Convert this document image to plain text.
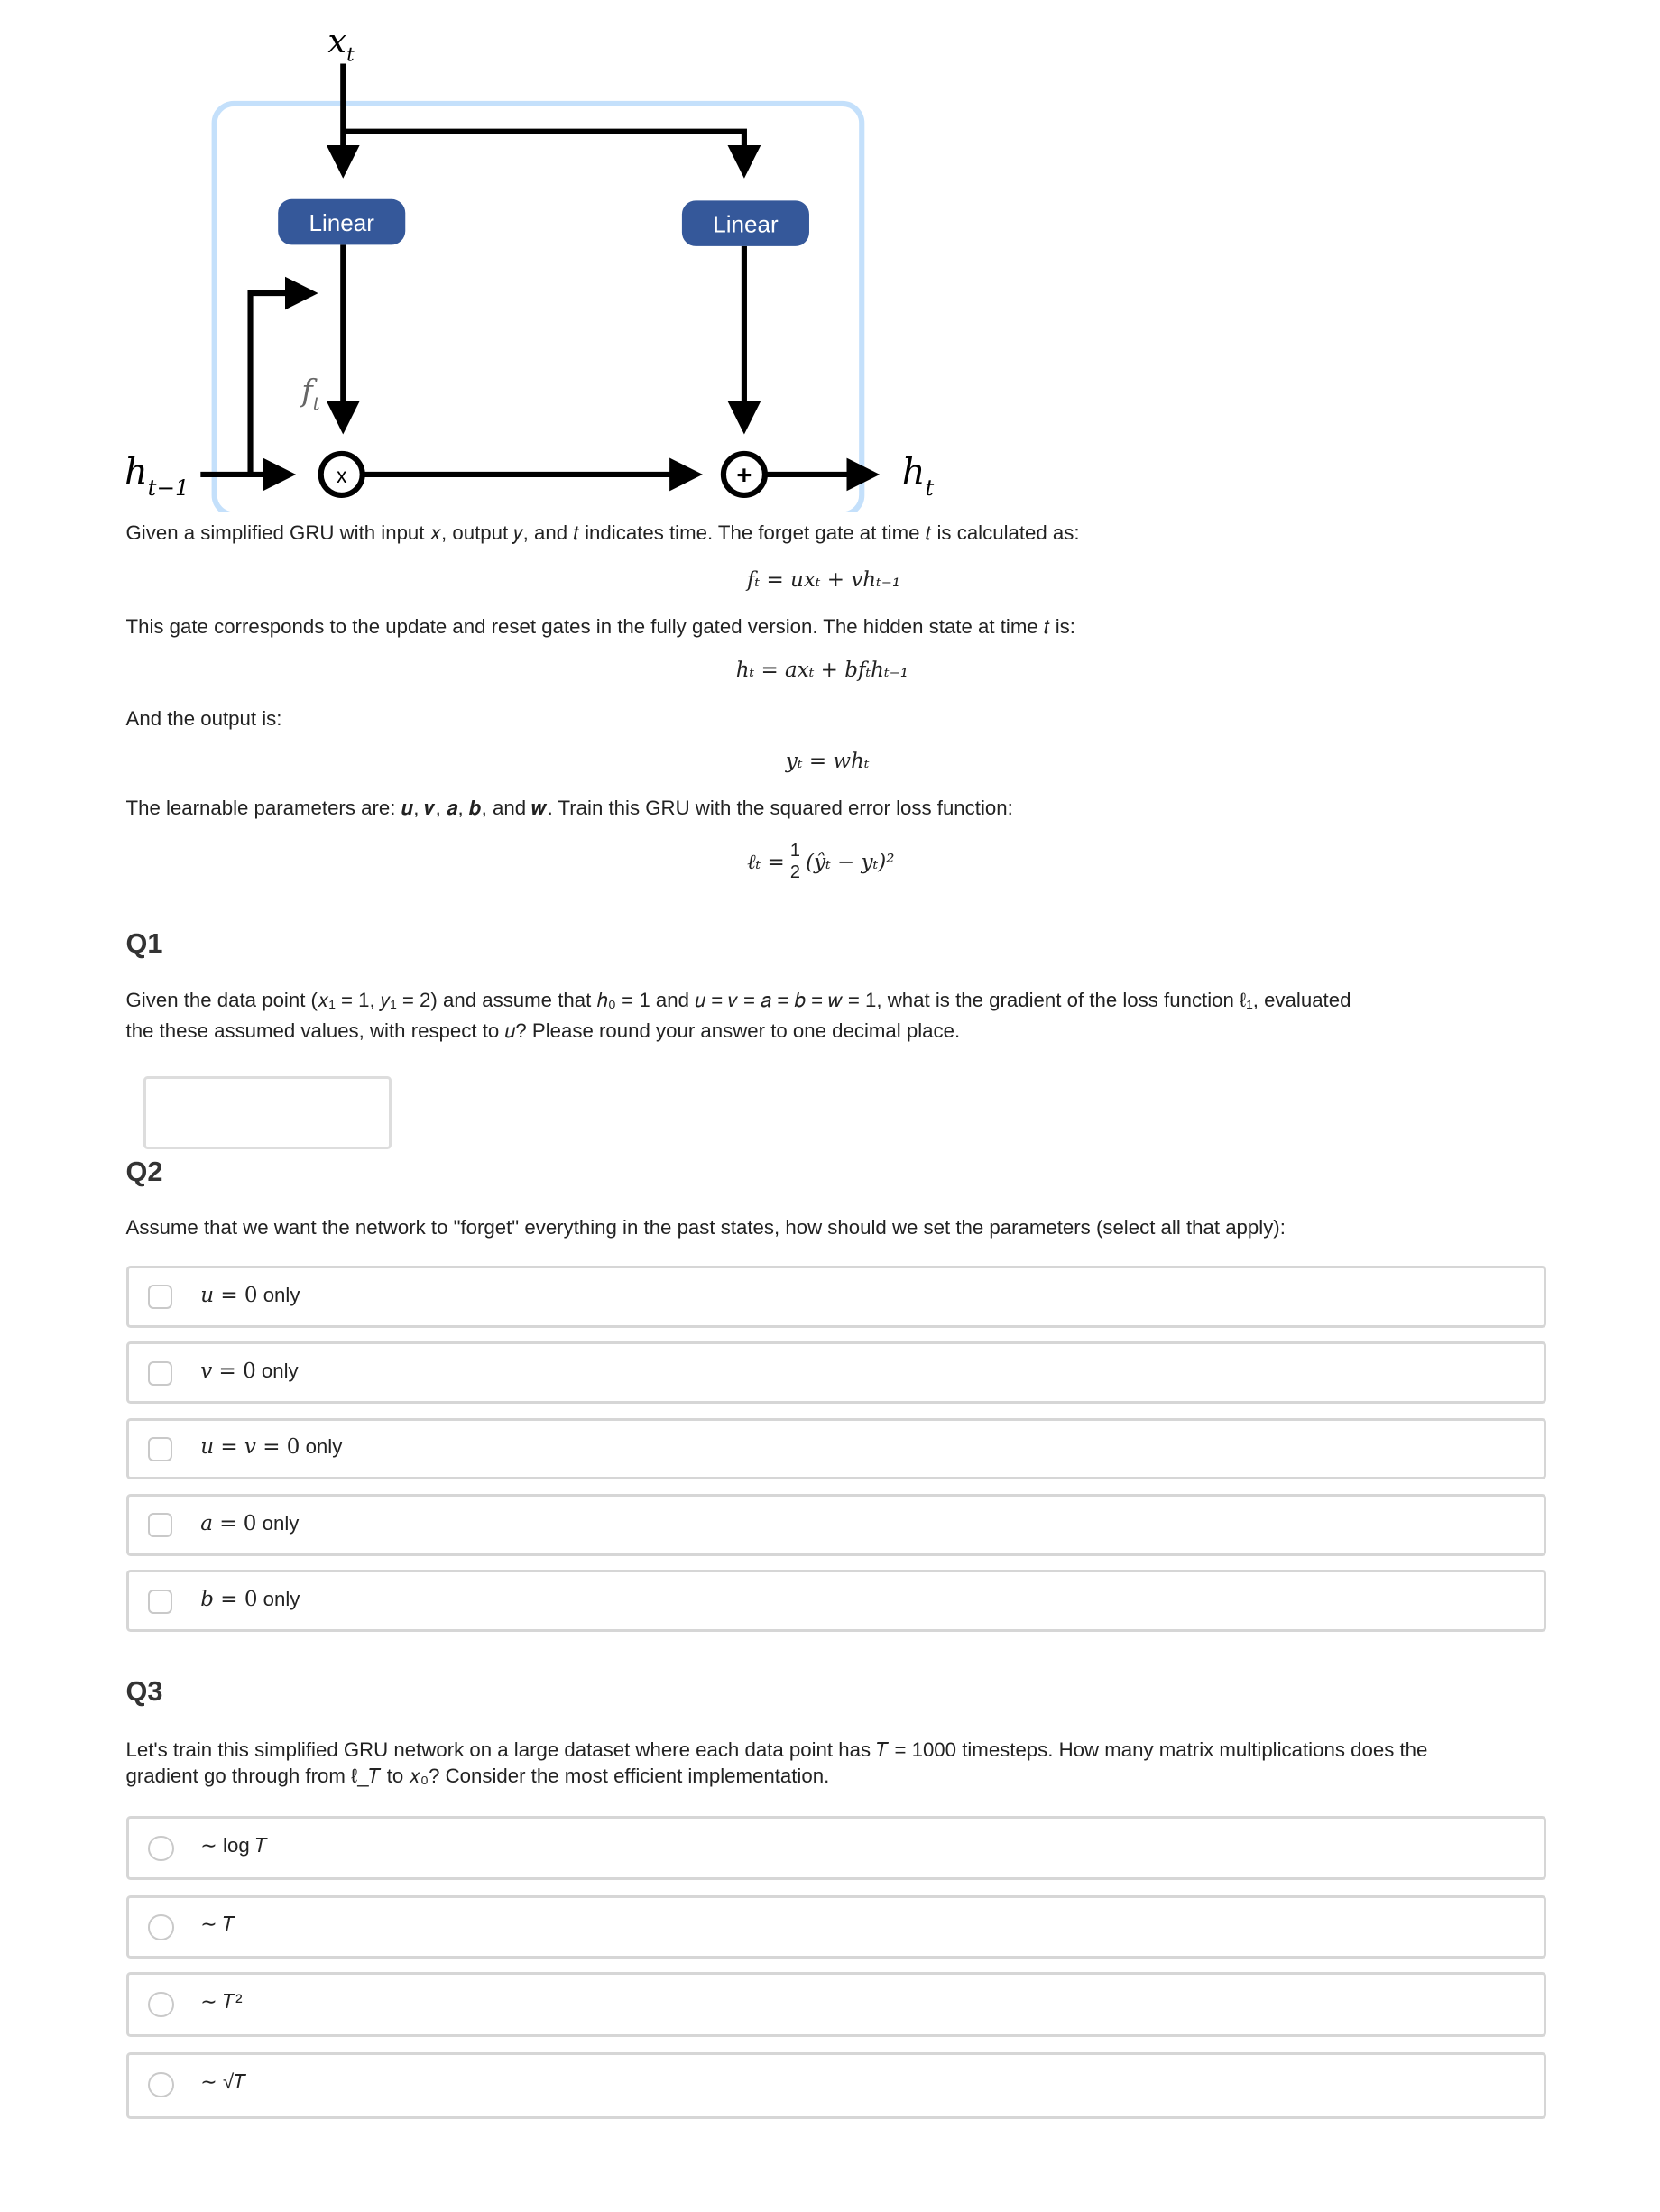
Linear	Linear
x	+
$x_t$
$f_t$
$h_{t-1}$	$h_t$
Given a simplified GRU with input 𝑥, output 𝑦, and 𝑡 indicates time. The forget gate at time 𝑡 is calculated as:
fₜ = uxₜ + vhₜ₋₁
This gate corresponds to the update and reset gates in the fully gated version. The hidden state at time 𝑡 is:
hₜ = axₜ + bfₜhₜ₋₁
And the output is:
yₜ = whₜ
The learnable parameters are: 𝒖, 𝒗, 𝒂, 𝒃, and 𝒘. Train this GRU with the squared error loss function:
ℓₜ = $\frac{1}{2}$ (ŷₜ − yₜ)²
Q1
Given the data point (𝑥₁ = 1, 𝑦₁ = 2) and assume that ℎ₀ = 1 and 𝑢 = 𝑣 = 𝑎 = 𝑏 = 𝑤 = 1, what is the gradient of the loss function ℓ₁, evaluated
the these assumed values, with respect to 𝑢? Please round your answer to one decimal place.
Q2
Assume that we want the network to "forget" everything in the past states, how should we set the parameters (select all that apply):
𝑢 = 0 only
𝑣 = 0 only
𝑢 = 𝑣 = 0 only
𝑎 = 0 only
𝑏 = 0 only
Q3
Let's train this simplified GRU network on a large dataset where each data point has 𝑇 = 1000 timesteps. How many matrix multiplications does the
gradient go through from ℓ_𝑇 to 𝑥₀? Consider the most efficient implementation.
∼ log 𝑇
∼ 𝑇
∼ 𝑇²
∼ √𝑇
